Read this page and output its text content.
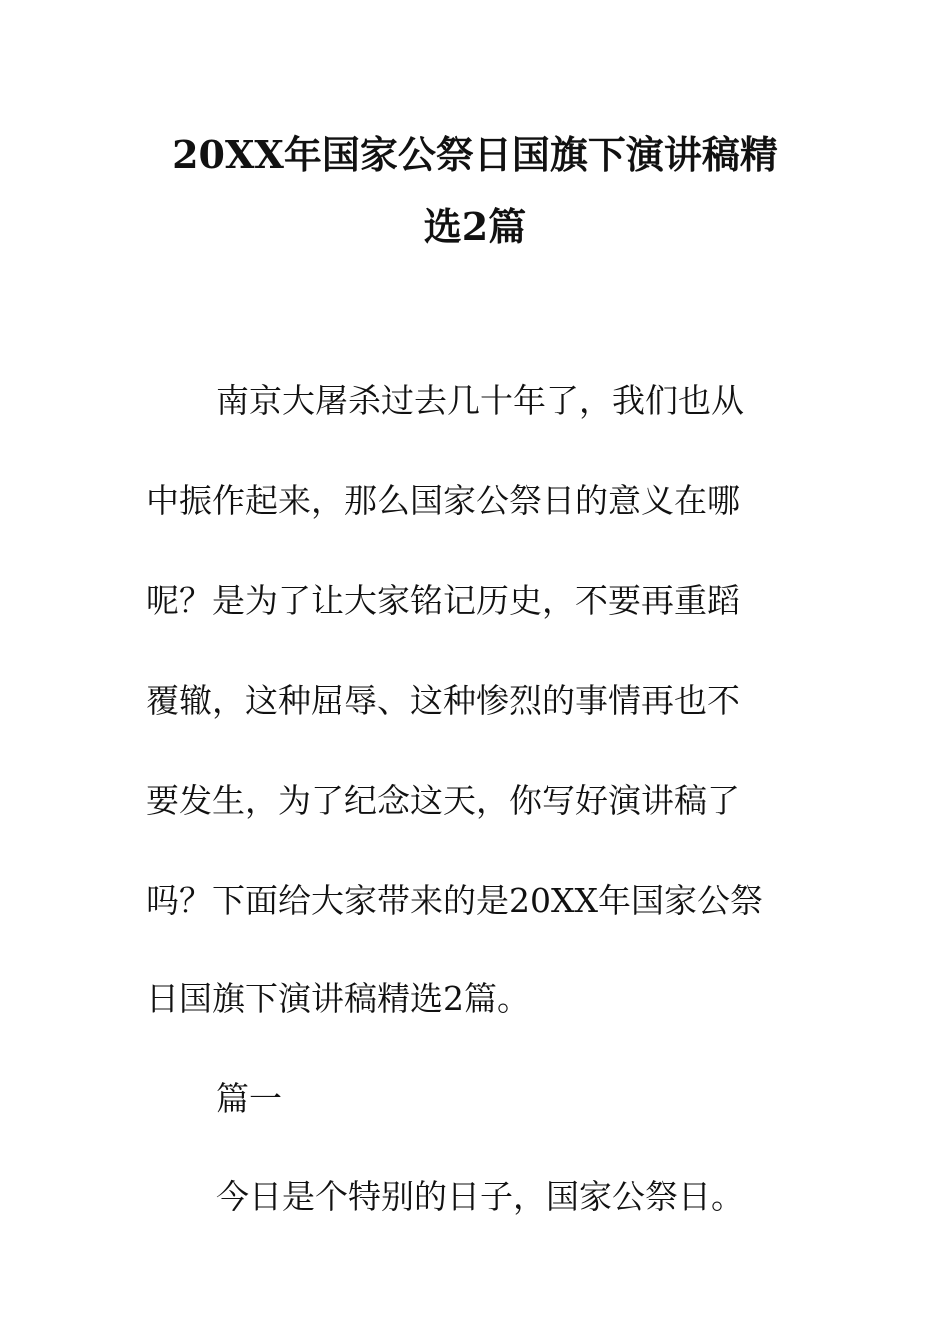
20XX年国家公祭日国旗下演讲稿精
选2篇

南京大屠杀过去几十年了，我们也从

中振作起来，那么国家公祭日的意义在哪

呢？是为了让大家铭记历史，不要再重蹈

覆辙，这种屈辱、这种惨烈的事情再也不

要发生，为了纪念这天，你写好演讲稿了

吗？下面给大家带来的是20XX年国家公祭

日国旗下演讲稿精选2篇。

篇一

今日是个特别的日子，国家公祭日。
